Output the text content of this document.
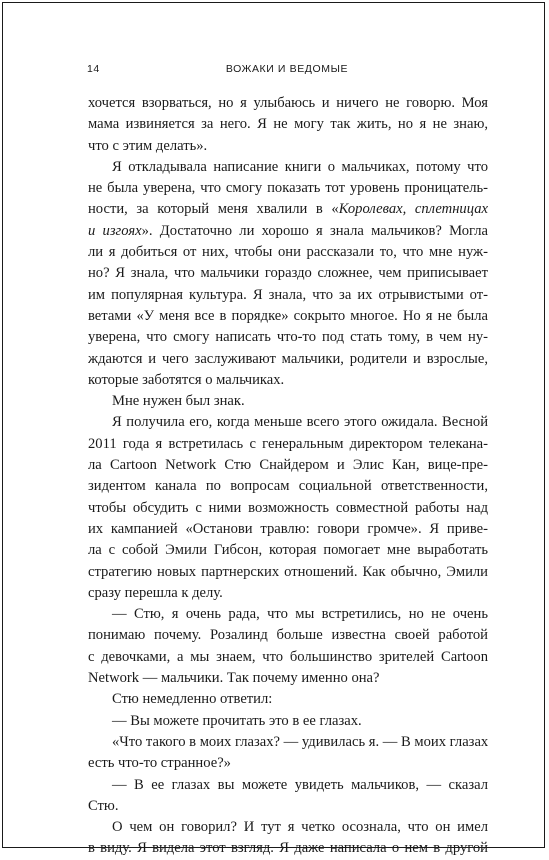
14	ВОЖАКИ И ВЕДОМЫЕ
хочется взорваться, но я улыбаюсь и ничего не говорю. Моя
мама извиняется за него. Я не могу так жить, но я не знаю,
что с этим делать».
Я откладывала написание книги о мальчиках, потому что
не была уверена, что смогу показать тот уровень проницатель-
ности, за который меня хвалили в «Королевах, сплетницах
и изгоях». Достаточно ли хорошо я знала мальчиков? Могла
ли я добиться от них, чтобы они рассказали то, что мне нуж-
но? Я знала, что мальчики гораздо сложнее, чем приписывает
им популярная культура. Я знала, что за их отрывистыми от-
ветами «У меня все в порядке» сокрыто многое. Но я не была
уверена, что смогу написать что-то под стать тому, в чем ну-
ждаются и чего заслуживают мальчики, родители и взрослые,
которые заботятся о мальчиках.
Мне нужен был знак.
Я получила его, когда меньше всего этого ожидала. Весной
2011 года я встретилась с генеральным директором телекана-
ла Cartoon Network Стю Снайдером и Элис Кан, вице-пре-
зидентом канала по вопросам социальной ответственности,
чтобы обсудить с ними возможность совместной работы над
их кампанией «Останови травлю: говори громче». Я приве-
ла с собой Эмили Гибсон, которая помогает мне выработать
стратегию новых партнерских отношений. Как обычно, Эмили
сразу перешла к делу.
— Стю, я очень рада, что мы встретились, но не очень
понимаю почему. Розалинд больше известна своей работой
с девочками, а мы знаем, что большинство зрителей Cartoon
Network — мальчики. Так почему именно она?
Стю немедленно ответил:
— Вы можете прочитать это в ее глазах.
«Что такого в моих глазах? — удивилась я. — В моих глазах
есть что-то странное?»
— В ее глазах вы можете увидеть мальчиков, — сказал
Стю.
О чем он говорил? И тут я четко осознала, что он имел
в виду. Я видела этот взгляд. Я даже написала о нем в другой
